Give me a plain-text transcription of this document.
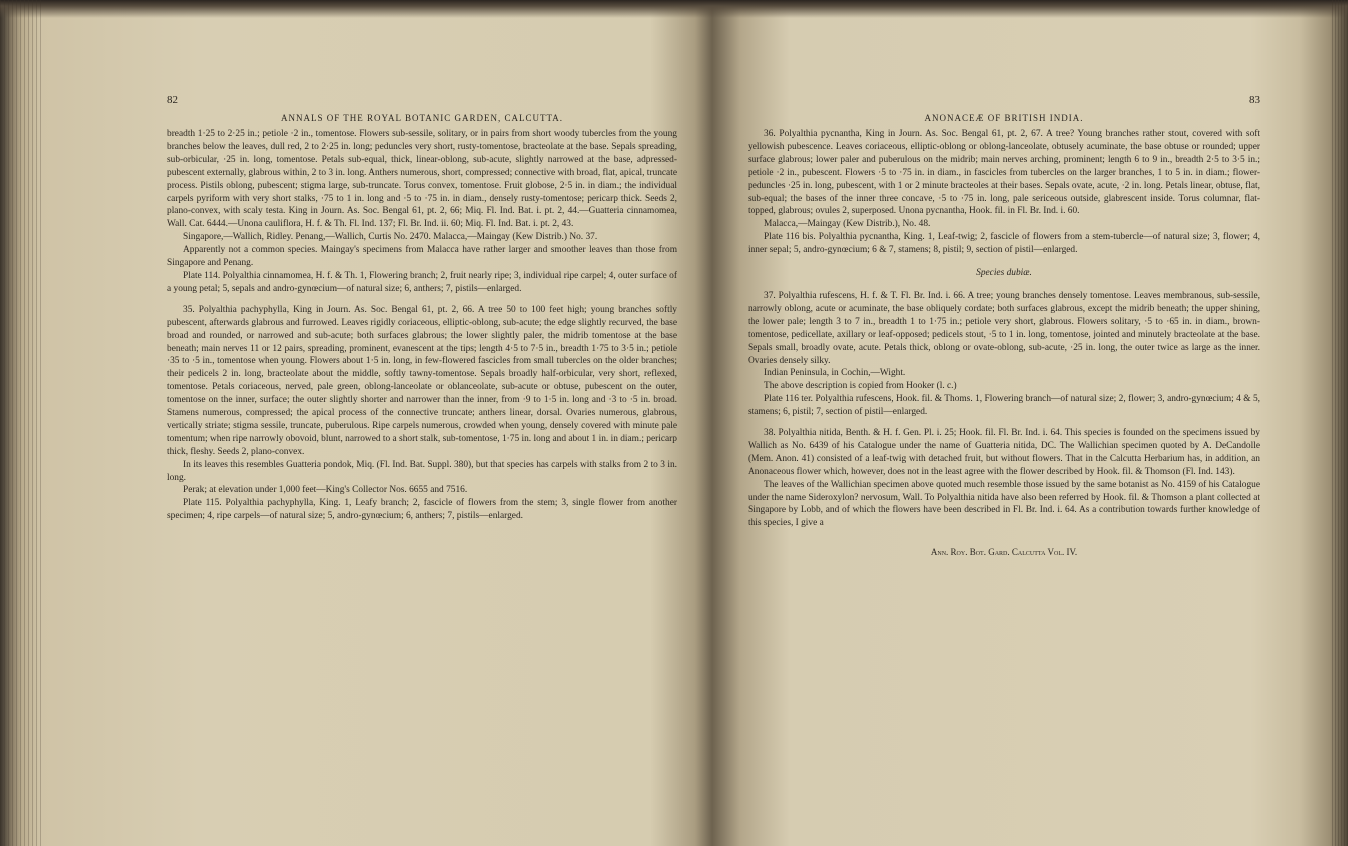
82
ANNALS OF THE ROYAL BOTANIC GARDEN, CALCUTTA.

breadth 1·25 to 2·25 in.; petiole ·2 in., tomentose. Flowers sub-sessile, solitary, or in pairs from short woody tubercles from the young branches below the leaves, dull red, 2 to 2·25 in. long; peduncles very short, rusty-tomentose, bracteolate at the base. Sepals spreading, sub-orbicular, ·25 in. long, tomentose. Petals sub-equal, thick, linear-oblong, sub-acute, slightly narrowed at the base, adpressed-pubescent externally, glabrous within, 2 to 3 in. long. Anthers numerous, short, compressed; connective with broad, flat, apical, truncate process. Pistils oblong, pubescent; stigma large, sub-truncate. Torus convex, tomentose. Fruit globose, 2·5 in. in diam.; the individual carpels pyriform with very short stalks, ·75 to 1 in. long and ·5 to ·75 in. in diam., densely rusty-tomentose; pericarp thick. Seeds 2, plano-convex, with scaly testa. King in Journ. As. Soc. Bengal 61, pt. 2, 66; Miq. Fl. Ind. Bat. i. pt. 2, 44.—Guatteria cinnamomea, Wall. Cat. 6444.—Unona cauliflora, H. f. & Th. Fl. Ind. 137; Fl. Br. Ind. ii. 60; Miq. Fl. Ind. Bat. i. pt. 2, 43.

Singapore,—Wallich, Ridley. Penang,—Wallich, Curtis No. 2470. Malacca,—Maingay (Kew Distrib.) No. 37.

Apparently not a common species. Maingay's specimens from Malacca have rather larger and smoother leaves than those from Singapore and Penang.

Plate 114. Polyalthia cinnamomea, H. f. & Th. 1, Flowering branch; 2, fruit nearly ripe; 3, individual ripe carpel; 4, outer surface of a young petal; 5, sepals and andro-gynœcium—of natural size; 6, anthers; 7, pistils—enlarged.

35. Polyalthia pachyphylla, King in Journ. As. Soc. Bengal 61, pt. 2, 66. A tree 50 to 100 feet high; young branches softly pubescent, afterwards glabrous and furrowed. Leaves rigidly coriaceous, elliptic-oblong, sub-acute; the edge slightly recurved, the base broad and rounded, or narrowed and sub-acute; both surfaces glabrous; the lower slightly paler, the midrib tomentose at the base beneath; main nerves 11 or 12 pairs, spreading, prominent, evanescent at the tips; length 4·5 to 7·5 in., breadth 1·75 to 3·5 in.; petiole ·35 to ·5 in., tomentose when young. Flowers about 1·5 in. long, in few-flowered fascicles from small tubercles on the older branches; their pedicels 2 in. long, bracteolate about the middle, softly tawny-tomentose. Sepals broadly half-orbicular, very short, reflexed, tomentose. Petals coriaceous, nerved, pale green, oblong-lanceolate or oblanceolate, sub-acute or obtuse, pubescent on the outer, tomentose on the inner, surface; the outer slightly shorter and narrower than the inner, from ·9 to 1·5 in. long and ·3 to ·5 in. broad. Stamens numerous, compressed; the apical process of the connective truncate; anthers linear, dorsal. Ovaries numerous, glabrous, vertically striate; stigma sessile, truncate, puberulous. Ripe carpels numerous, crowded when young, densely covered with minute pale tomentum; when ripe narrowly obovoid, blunt, narrowed to a short stalk, sub-tomentose, 1·75 in. long and about 1 in. in diam.; pericarp thick, fleshy. Seeds 2, plano-convex.

In its leaves this resembles Guatteria pondok, Miq. (Fl. Ind. Bat. Suppl. 380), but that species has carpels with stalks from 2 to 3 in. long.

Perak; at elevation under 1,000 feet—King's Collector Nos. 6655 and 7516.

Plate 115. Polyalthia pachyphylla, King. 1, Leafy branch; 2, fascicle of flowers from the stem; 3, single flower from another specimen; 4, ripe carpels—of natural size; 5, andro-gynœcium; 6, anthers; 7, pistils—enlarged.

83
ANONACEÆ OF BRITISH INDIA.

36. Polyalthia pycnantha, King in Journ. As. Soc. Bengal 61, pt. 2, 67. A tree? Young branches rather stout, covered with soft yellowish pubescence. Leaves coriaceous, elliptic-oblong or oblong-lanceolate, obtusely acuminate, the base obtuse or rounded; upper surface glabrous; lower paler and puberulous on the midrib; main nerves arching, prominent; length 6 to 9 in., breadth 2·5 to 3·5 in.; petiole ·2 in., pubescent. Flowers ·5 to ·75 in. in diam., in fascicles from tubercles on the larger branches, 1 to 5 in. in diam.; flower-peduncles ·25 in. long, pubescent, with 1 or 2 minute bracteoles at their bases. Sepals ovate, acute, ·2 in. long. Petals linear, obtuse, flat, sub-equal; the bases of the inner three concave, ·5 to ·75 in. long, pale sericeous outside, glabrescent inside. Torus columnar, flat-topped, glabrous; ovules 2, superposed. Unona pycnantha, Hook. fil. in Fl. Br. Ind. i. 60.

Malacca,—Maingay (Kew Distrib.), No. 48.

Plate 116 bis. Polyalthia pycnantha, King. 1, Leaf-twig; 2, fascicle of flowers from a stem-tubercle—of natural size; 3, flower; 4, inner sepal; 5, andro-gynœcium; 6 & 7, stamens; 8, pistil; 9, section of pistil—enlarged.

Species dubiæ.

37. Polyalthia rufescens, H. f. & T. Fl. Br. Ind. i. 66. A tree; young branches densely tomentose. Leaves membranous, sub-sessile, narrowly oblong, acute or acuminate, the base obliquely cordate; both surfaces glabrous, except the midrib beneath; the upper shining, the lower pale; length 3 to 7 in., breadth 1 to 1·75 in.; petiole very short, glabrous. Flowers solitary, ·5 to ·65 in. in diam., brown-tomentose, pedicellate, axillary or leaf-opposed; pedicels stout, ·5 to 1 in. long, tomentose, jointed and minutely bracteolate at the base. Sepals small, broadly ovate, acute. Petals thick, oblong or ovate-oblong, sub-acute, ·25 in. long, the outer twice as large as the inner. Ovaries densely silky.

Indian Peninsula, in Cochin,—Wight.

The above description is copied from Hooker (l. c.)

Plate 116 ter. Polyalthia rufescens, Hook. fil. & Thoms. 1, Flowering branch—of natural size; 2, flower; 3, andro-gynœcium; 4 & 5, stamens; 6, pistil; 7, section of pistil—enlarged.

38. Polyalthia nitida, Benth. & H. f. Gen. Pl. i. 25; Hook. fil. Fl. Br. Ind. i. 64. This species is founded on the specimens issued by Wallich as No. 6439 of his Catalogue under the name of Guatteria nitida, DC. The Wallichian specimen quoted by A. DeCandolle (Mem. Anon. 41) consisted of a leaf-twig with detached fruit, but without flowers. That in the Calcutta Herbarium has, in addition, an Anonaceous flower which, however, does not in the least agree with the flower described by Hook. fil. & Thomson (Fl. Ind. 143).

The leaves of the Wallichian specimen above quoted much resemble those issued by the same botanist as No. 4159 of his Catalogue under the name Sideroxylon? nervosum, Wall. To Polyalthia nitida have also been referred by Hook. fil. & Thomson a plant collected at Singapore by Lobb, and of which the flowers have been described in Fl. Br. Ind. i. 64. As a contribution towards further knowledge of this species, I give a

Ann. Roy. Bot. Gard. Calcutta Vol. IV.
